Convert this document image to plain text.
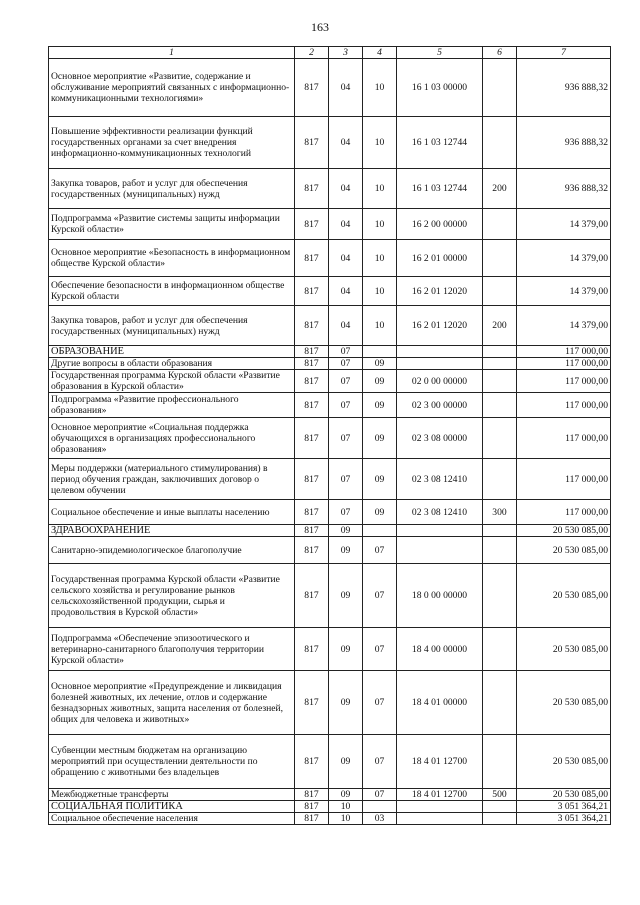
163
1	2	3	4	5	6	7
Основное мероприятие «Развитие, содержание и обслуживание мероприятий связанных с информационно-коммуникационными технологиями»	817	04	10	16 1 03 00000		936 888,32
Повышение эффективности реализации функций государственных органами за счет внедрения информационно-коммуникационных технологий	817	04	10	16 1 03 12744		936 888,32
Закупка товаров, работ и услуг для обеспечения государственных (муниципальных) нужд	817	04	10	16 1 03 12744	200	936 888,32
Подпрограмма «Развитие системы защиты информации Курской области»	817	04	10	16 2 00 00000		14 379,00
Основное мероприятие «Безопасность в информационном обществе Курской области»	817	04	10	16 2 01 00000		14 379,00
Обеспечение безопасности в информационном обществе Курской области	817	04	10	16 2 01 12020		14 379,00
Закупка товаров, работ и услуг для обеспечения государственных (муниципальных) нужд	817	04	10	16 2 01 12020	200	14 379,00
ОБРАЗОВАНИЕ	817	07				117 000,00
Другие вопросы в области образования	817	07	09			117 000,00
Государственная программа Курской области «Развитие образования в Курской области»	817	07	09	02 0 00 00000		117 000,00
Подпрограмма «Развитие профессионального образования»	817	07	09	02 3 00 00000		117 000,00
Основное мероприятие «Социальная поддержка обучающихся в организациях профессионального образования»	817	07	09	02 3 08 00000		117 000,00
Меры поддержки (материального стимулирования) в период обучения граждан, заключивших договор о целевом обучении	817	07	09	02 3 08 12410		117 000,00
Социальное обеспечение и иные выплаты населению	817	07	09	02 3 08 12410	300	117 000,00
ЗДРАВООХРАНЕНИЕ	817	09				20 530 085,00
Санитарно-эпидемиологическое благополучие	817	09	07			20 530 085,00
Государственная программа Курской области «Развитие сельского хозяйства и регулирование рынков сельскохозяйственной продукции, сырья и продовольствия в Курской области»	817	09	07	18 0 00 00000		20 530 085,00
Подпрограмма «Обеспечение эпизоотического и ветеринарно-санитарного благополучия территории Курской области»	817	09	07	18 4 00 00000		20 530 085,00
Основное мероприятие «Предупреждение и ликвидация болезней животных, их лечение, отлов и содержание безнадзорных животных, защита населения от болезней, общих для человека и животных»	817	09	07	18 4 01 00000		20 530 085,00
Субвенции местным бюджетам на организацию мероприятий при осуществлении деятельности по обращению с животными без владельцев	817	09	07	18 4 01 12700		20 530 085,00
Межбюджетные трансферты	817	09	07	18 4 01 12700	500	20 530 085,00
СОЦИАЛЬНАЯ ПОЛИТИКА	817	10				3 051 364,21
Социальное обеспечение населения	817	10	03			3 051 364,21
